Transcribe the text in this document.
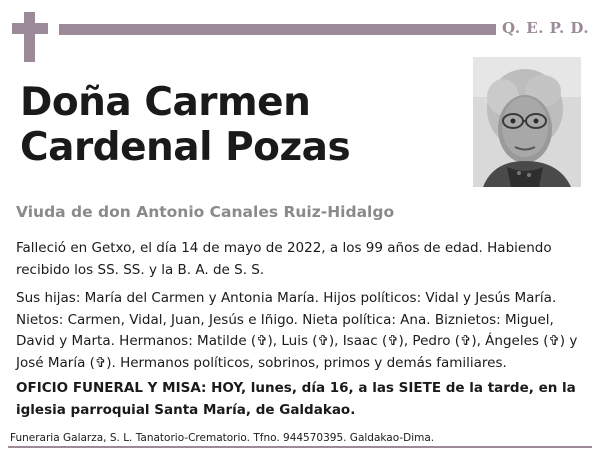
Q. E. P. D.
Doña Carmen
Cardenal Pozas
Viuda de don Antonio Canales Ruiz-Hidalgo
Falleció en Getxo, el día 14 de mayo de 2022, a los 99 años de edad. Habiendo recibido los SS. SS. y la B. A. de S. S.
Sus hijas: María del Carmen y Antonia María. Hijos políticos: Vidal y Jesús María. Nietos: Carmen, Vidal, Juan, Jesús e Iñigo. Nieta política: Ana. Biznietos: Miguel, David y Marta. Hermanos: Matilde (✞), Luis (✞), Isaac (✞), Pedro (✞), Ángeles (✞) y José María (✞). Hermanos políticos, sobrinos, primos y demás familiares.
OFICIO FUNERAL Y MISA: HOY, lunes, día 16, a las SIETE de la tarde, en la iglesia parroquial Santa María, de Galdakao.
Funeraria Galarza, S. L. Tanatorio-Crematorio. Tfno. 944570395. Galdakao-Dima.
